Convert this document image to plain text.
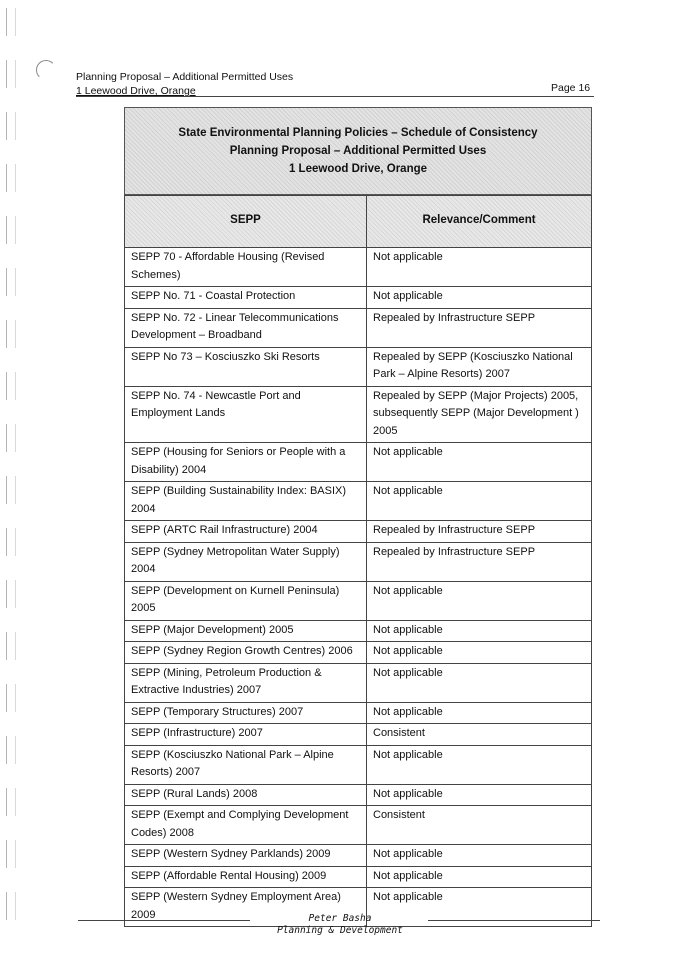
Planning Proposal – Additional Permitted Uses
1 Leewood Drive, Orange	Page 16
State Environmental Planning Policies – Schedule of Consistency
Planning Proposal – Additional Permitted Uses
1 Leewood Drive, Orange
SEPP	Relevance/Comment
SEPP 70 - Affordable Housing (Revised Schemes)	Not applicable
SEPP No. 71 - Coastal Protection	Not applicable
SEPP No. 72 - Linear Telecommunications Development – Broadband	Repealed by Infrastructure SEPP
SEPP No 73 – Kosciuszko Ski Resorts	Repealed by SEPP (Kosciuszko National Park – Alpine Resorts) 2007
SEPP No. 74 - Newcastle Port and Employment Lands	Repealed by SEPP (Major Projects) 2005, subsequently SEPP (Major Development ) 2005
SEPP (Housing for Seniors or People with a Disability) 2004	Not applicable
SEPP (Building Sustainability Index: BASIX) 2004	Not applicable
SEPP (ARTC Rail Infrastructure) 2004	Repealed by Infrastructure SEPP
SEPP (Sydney Metropolitan Water Supply) 2004	Repealed by Infrastructure SEPP
SEPP (Development on Kurnell Peninsula) 2005	Not applicable
SEPP (Major Development) 2005	Not applicable
SEPP (Sydney Region Growth Centres) 2006	Not applicable
SEPP (Mining, Petroleum Production & Extractive Industries) 2007	Not applicable
SEPP (Temporary Structures) 2007	Not applicable
SEPP (Infrastructure) 2007	Consistent
SEPP (Kosciuszko National Park – Alpine Resorts) 2007	Not applicable
SEPP (Rural Lands) 2008	Not applicable
SEPP (Exempt and Complying Development Codes) 2008	Consistent
SEPP (Western Sydney Parklands) 2009	Not applicable
SEPP (Affordable Rental Housing) 2009	Not applicable
SEPP (Western Sydney Employment Area) 2009	Not applicable
Peter Basha
Planning & Development
